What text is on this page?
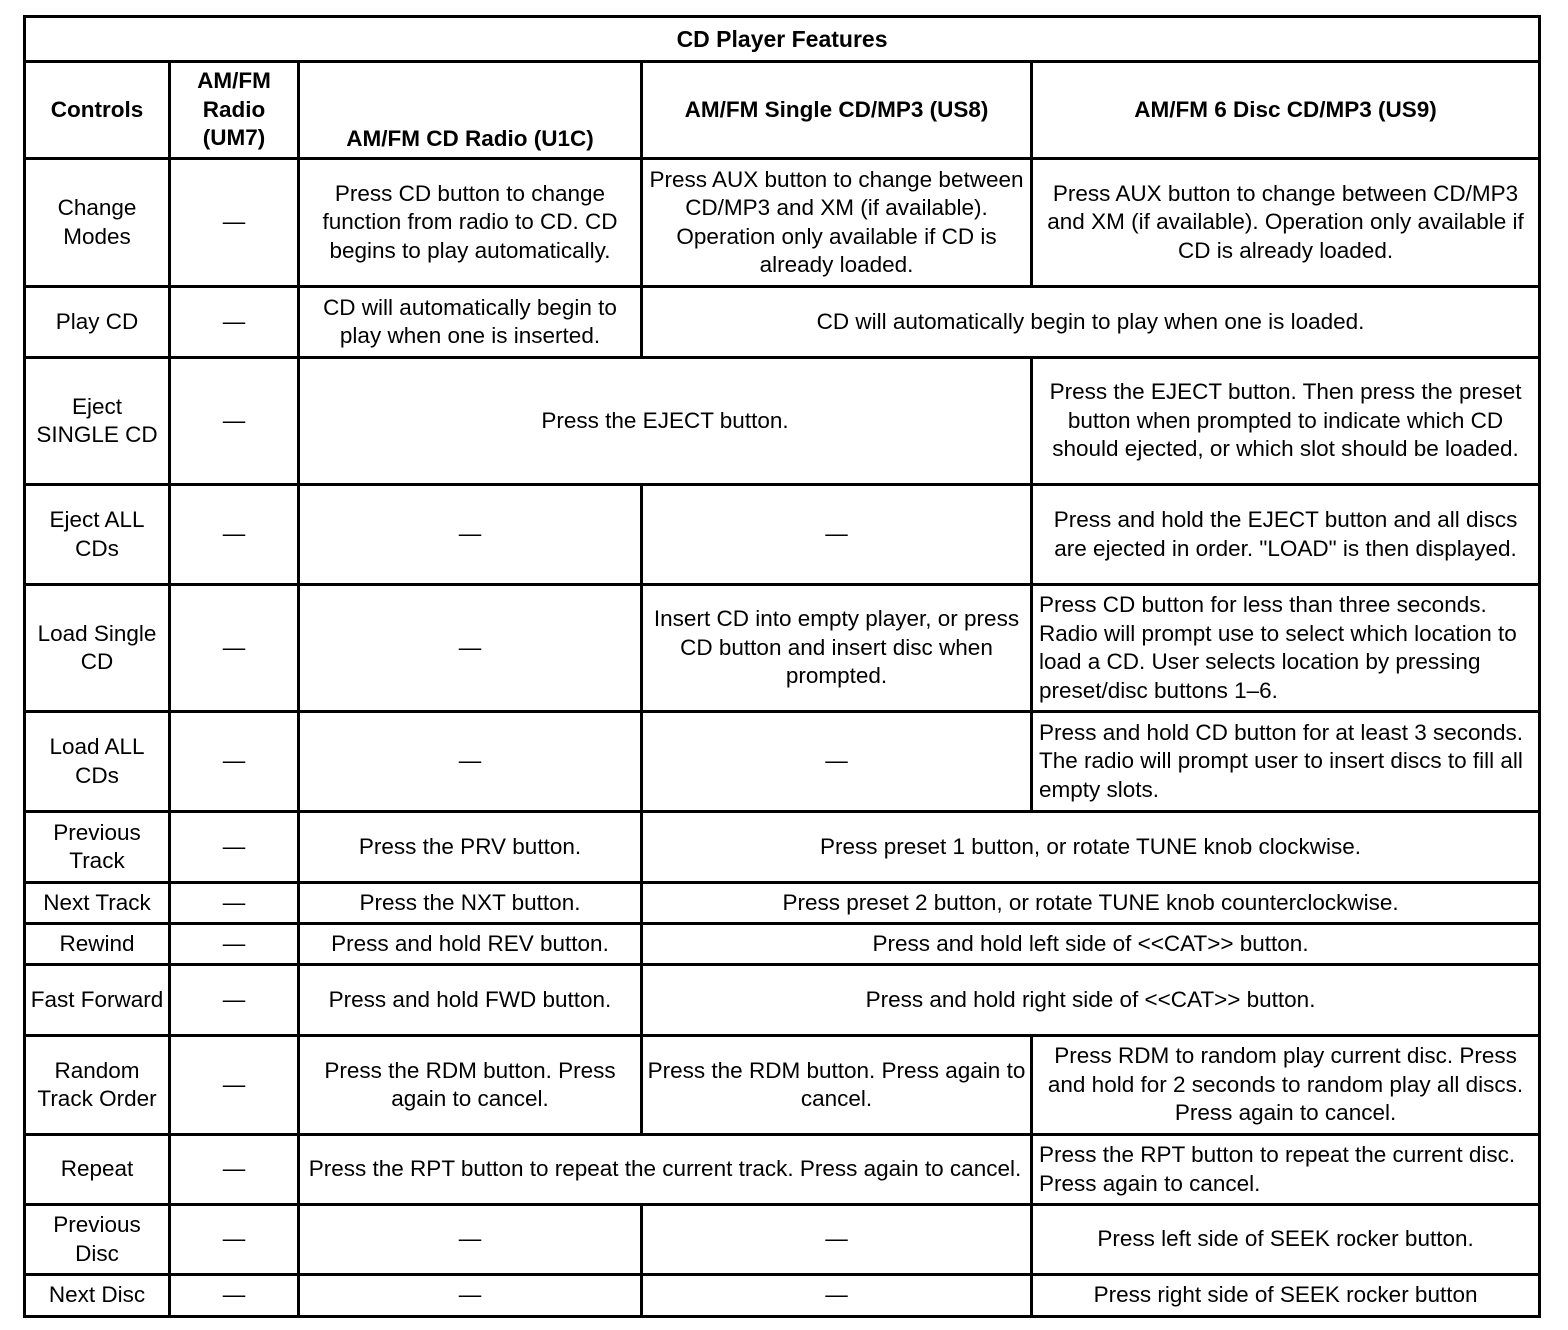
CD Player Features				
Controls	AM/FM Radio (UM7)	AM/FM CD Radio (U1C)	AM/FM Single CD/MP3 (US8)	AM/FM 6 Disc CD/MP3 (US9)
Change Modes	—	Press CD button to change function from radio to CD. CD begins to play automatically.	Press AUX button to change between CD/MP3 and XM (if available). Operation only available if CD is already loaded.	Press AUX button to change between CD/MP3 and XM (if available). Operation only available if CD is already loaded.
Play CD	—	CD will automatically begin to play when one is inserted.	CD will automatically begin to play when one is loaded.	
Eject SINGLE CD	—	Press the EJECT button.		Press the EJECT button. Then press the preset button when prompted to indicate which CD should ejected, or which slot should be loaded.
Eject ALL CDs	—	—	—	Press and hold the EJECT button and all discs are ejected in order. "LOAD" is then displayed.
Load Single CD	—	—	Insert CD into empty player, or press CD button and insert disc when prompted.	Press CD button for less than three seconds. Radio will prompt use to select which location to load a CD. User selects location by pressing preset/disc buttons 1–6.
Load ALL CDs	—	—	—	Press and hold CD button for at least 3 seconds. The radio will prompt user to insert discs to fill all empty slots.
Previous Track	—	Press the PRV button.	Press preset 1 button, or rotate TUNE knob clockwise.	
Next Track	—	Press the NXT button.	Press preset 2 button, or rotate TUNE knob counterclockwise.	
Rewind	—	Press and hold REV button.	Press and hold left side of <<CAT>> button.	
Fast Forward	—	Press and hold FWD button.	Press and hold right side of <<CAT>> button.	
Random Track Order	—	Press the RDM button. Press again to cancel.	Press the RDM button. Press again to cancel.	Press RDM to random play current disc. Press and hold for 2 seconds to random play all discs. Press again to cancel.
Repeat	—	Press the RPT button to repeat the current track. Press again to cancel.		Press the RPT button to repeat the current disc. Press again to cancel.
Previous Disc	—	—	—	Press left side of SEEK rocker button.
Next Disc	—	—	—	Press right side of SEEK rocker button
